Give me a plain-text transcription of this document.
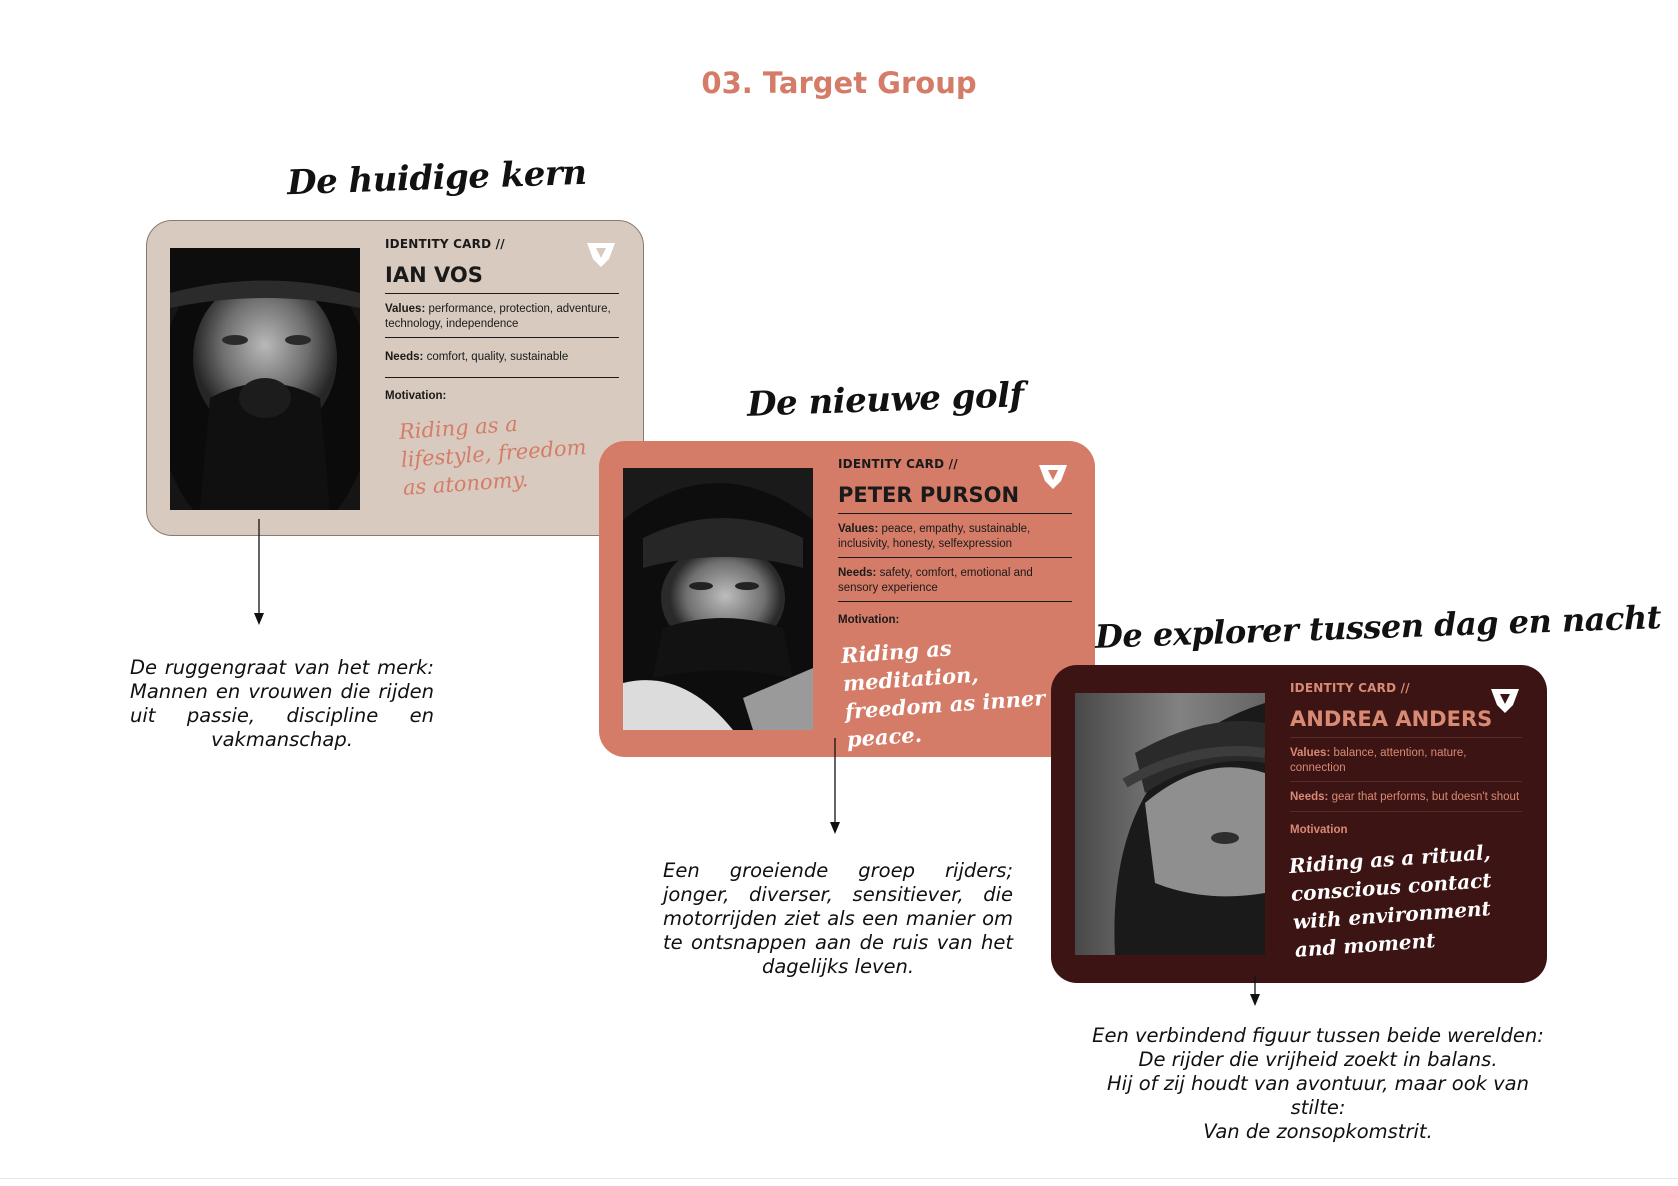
03. Target Group
De huidige kern
IDENTITY CARD //
IAN VOS
Values: performance, protection, adventure, technology, independence
Needs: comfort, quality, sustainable
Motivation:
Riding as a lifestyle, freedom as atonomy.
De ruggengraat van het merk: Mannen en vrouwen die rijden uit passie, discipline en vakmanschap.
De nieuwe golf
IDENTITY CARD //
PETER PURSON
Values: peace, empathy, sustainable, inclusivity, honesty, selfexpression
Needs: safety, comfort, emotional and sensory experience
Motivation:
Riding as meditation, freedom as inner peace.
Een groeiende groep rijders; jonger, diverser, sensitiever, die motorrijden ziet als een manier om te ontsnappen aan de ruis van het dagelijks leven.
De explorer tussen dag en nacht
IDENTITY CARD //
ANDREA ANDERS
Values: balance, attention, nature, connection
Needs: gear that performs, but doesn't shout
Motivation
Riding as a ritual, conscious contact with environment and moment
Een verbindend figuur tussen beide werelden:
De rijder die vrijheid zoekt in balans.
Hij of zij houdt van avontuur, maar ook van stilte:
Van de zonsopkomstrit.
